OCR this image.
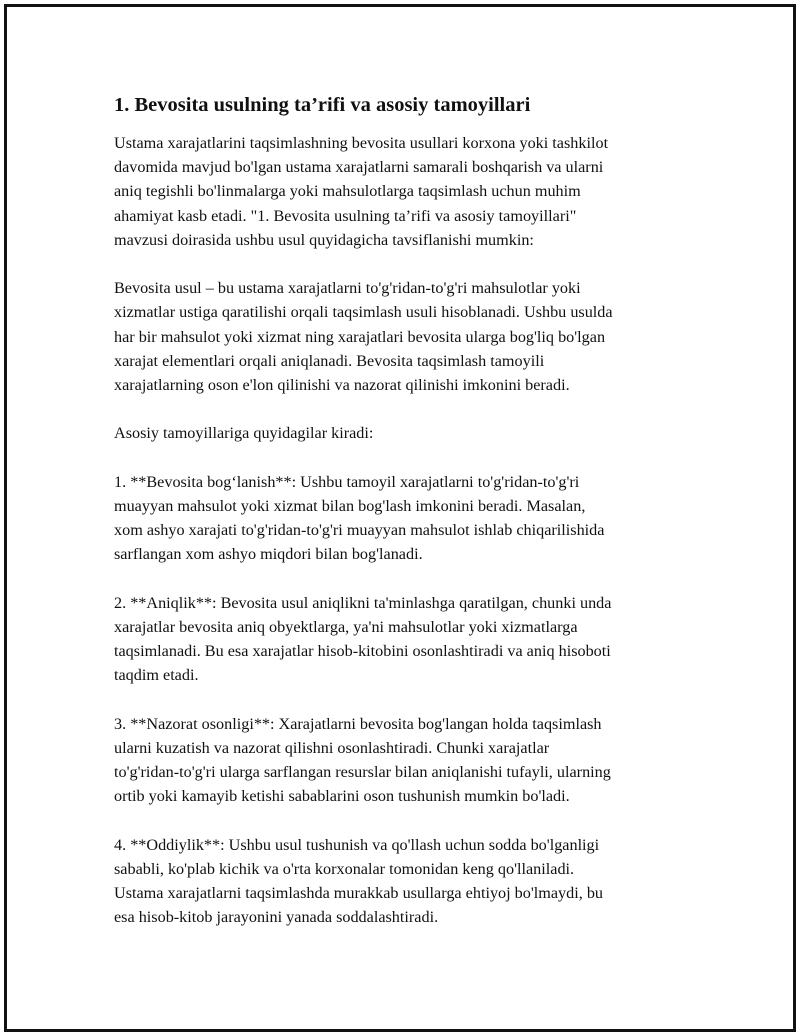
1. Bevosita usulning ta’rifi va asosiy tamoyillari

Ustama xarajatlarini taqsimlashning bevosita usullari korxona yoki tashkilot
davomida mavjud bo'lgan ustama xarajatlarni samarali boshqarish va ularni
aniq tegishli bo'linmalarga yoki mahsulotlarga taqsimlash uchun muhim
ahamiyat kasb etadi. "1. Bevosita usulning ta’rifi va asosiy tamoyillari"
mavzusi doirasida ushbu usul quyidagicha tavsiflanishi mumkin:

Bevosita usul – bu ustama xarajatlarni to'g'ridan-to'g'ri mahsulotlar yoki
xizmatlar ustiga qaratilishi orqali taqsimlash usuli hisoblanadi. Ushbu usulda
har bir mahsulot yoki xizmat ning xarajatlari bevosita ularga bog'liq bo'lgan
xarajat elementlari orqali aniqlanadi. Bevosita taqsimlash tamoyili
xarajatlarning oson e'lon qilinishi va nazorat qilinishi imkonini beradi.

Asosiy tamoyillariga quyidagilar kiradi:

1. **Bevosita bog‘lanish**: Ushbu tamoyil xarajatlarni to'g'ridan-to'g'ri
muayyan mahsulot yoki xizmat bilan bog'lash imkonini beradi. Masalan,
xom ashyo xarajati to'g'ridan-to'g'ri muayyan mahsulot ishlab chiqarilishida
sarflangan xom ashyo miqdori bilan bog'lanadi.

2. **Aniqlik**: Bevosita usul aniqlikni ta'minlashga qaratilgan, chunki unda
xarajatlar bevosita aniq obyektlarga, ya'ni mahsulotlar yoki xizmatlarga
taqsimlanadi. Bu esa xarajatlar hisob-kitobini osonlashtiradi va aniq hisoboti
taqdim etadi.

3. **Nazorat osonligi**: Xarajatlarni bevosita bog'langan holda taqsimlash
ularni kuzatish va nazorat qilishni osonlashtiradi. Chunki xarajatlar
to'g'ridan-to'g'ri ularga sarflangan resurslar bilan aniqlanishi tufayli, ularning
ortib yoki kamayib ketishi sabablarini oson tushunish mumkin bo'ladi.

4. **Oddiylik**: Ushbu usul tushunish va qo'llash uchun sodda bo'lganligi
sababli, ko'plab kichik va o'rta korxonalar tomonidan keng qo'llaniladi.
Ustama xarajatlarni taqsimlashda murakkab usullarga ehtiyoj bo'lmaydi, bu
esa hisob-kitob jarayonini yanada soddalashtiradi.
